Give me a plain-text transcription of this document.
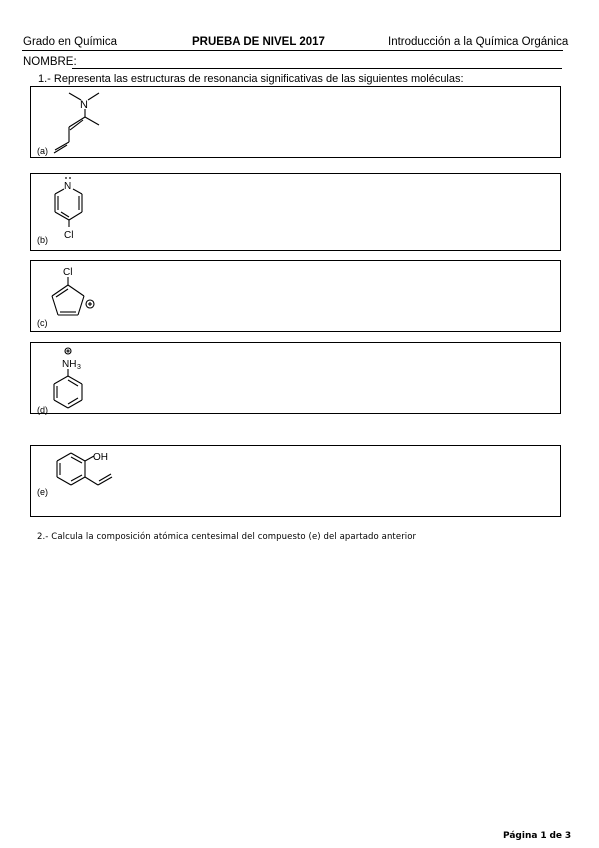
Grado en Química	PRUEBA DE NIVEL 2017	Introducción a la Química Orgánica
NOMBRE:
1.- Representa las estructuras de resonancia significativas de las siguientes moléculas:
N
(a)
N
Cl
(b)
Cl
(c)
NH 3
(d)
OH
(e)
2.- Calcula la composición atómica centesimal del compuesto (e) del apartado anterior
Página 1 de 3
